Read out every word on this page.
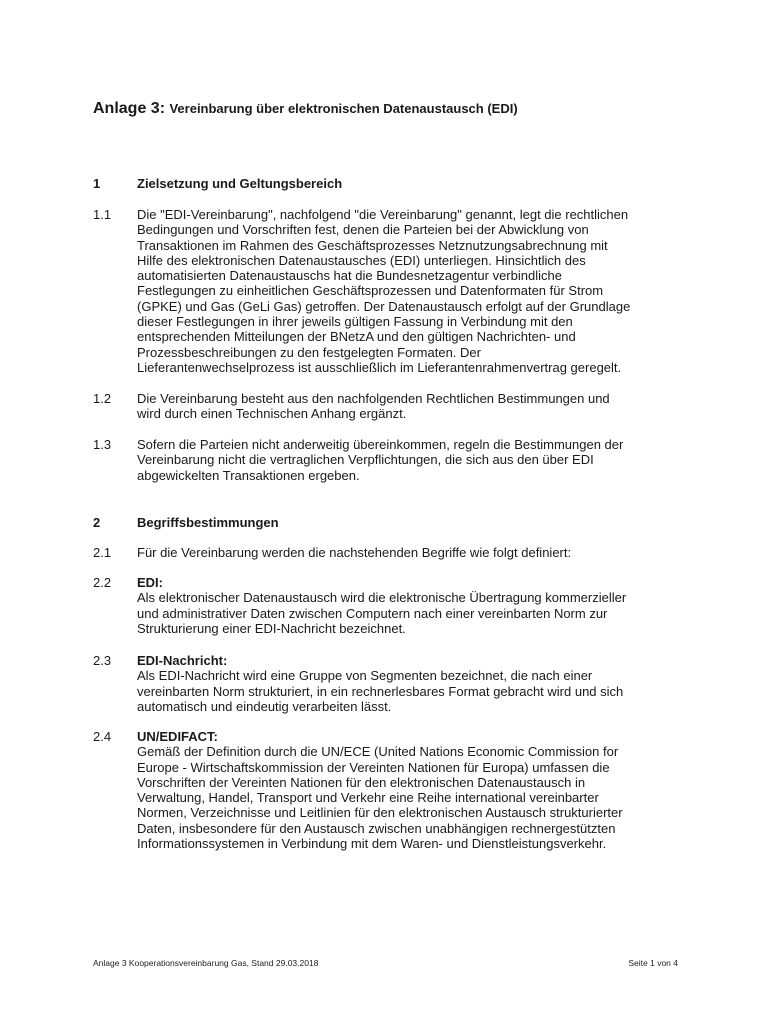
Anlage 3: Vereinbarung über elektronischen Datenaustausch (EDI)
1	Zielsetzung und Geltungsbereich
1.1 Die "EDI-Vereinbarung", nachfolgend "die Vereinbarung" genannt, legt die rechtlichen
Bedingungen und Vorschriften fest, denen die Parteien bei der Abwicklung von
Transaktionen im Rahmen des Geschäftsprozesses Netznutzungsabrechnung mit
Hilfe des elektronischen Datenaustausches (EDI) unterliegen. Hinsichtlich des
automatisierten Datenaustauschs hat die Bundesnetzagentur verbindliche
Festlegungen zu einheitlichen Geschäftsprozessen und Datenformaten für Strom
(GPKE) und Gas (GeLi Gas) getroffen. Der Datenaustausch erfolgt auf der Grundlage
dieser Festlegungen in ihrer jeweils gültigen Fassung in Verbindung mit den
entsprechenden Mitteilungen der BNetzA und den gültigen Nachrichten- und
Prozessbeschreibungen zu den festgelegten Formaten. Der
Lieferantenwechselprozess ist ausschließlich im Lieferantenrahmenvertrag geregelt.
1.2 Die Vereinbarung besteht aus den nachfolgenden Rechtlichen Bestimmungen und
wird durch einen Technischen Anhang ergänzt.
1.3 Sofern die Parteien nicht anderweitig übereinkommen, regeln die Bestimmungen der
Vereinbarung nicht die vertraglichen Verpflichtungen, die sich aus den über EDI
abgewickelten Transaktionen ergeben.
2	Begriffsbestimmungen
2.1 Für die Vereinbarung werden die nachstehenden Begriffe wie folgt definiert:
2.2 EDI:
Als elektronischer Datenaustausch wird die elektronische Übertragung kommerzieller
und administrativer Daten zwischen Computern nach einer vereinbarten Norm zur
Strukturierung einer EDI-Nachricht bezeichnet.
2.3 EDI-Nachricht:
Als EDI-Nachricht wird eine Gruppe von Segmenten bezeichnet, die nach einer
vereinbarten Norm strukturiert, in ein rechnerlesbares Format gebracht wird und sich
automatisch und eindeutig verarbeiten lässt.
2.4 UN/EDIFACT:
Gemäß der Definition durch die UN/ECE (United Nations Economic Commission for
Europe - Wirtschaftskommission der Vereinten Nationen für Europa) umfassen die
Vorschriften der Vereinten Nationen für den elektronischen Datenaustausch in
Verwaltung, Handel, Transport und Verkehr eine Reihe international vereinbarter
Normen, Verzeichnisse und Leitlinien für den elektronischen Austausch strukturierter
Daten, insbesondere für den Austausch zwischen unabhängigen rechnergestützten
Informationssystemen in Verbindung mit dem Waren- und Dienstleistungsverkehr.
Anlage 3 Kooperationsvereinbarung Gas, Stand 29.03.2018	Seite 1 von 4
